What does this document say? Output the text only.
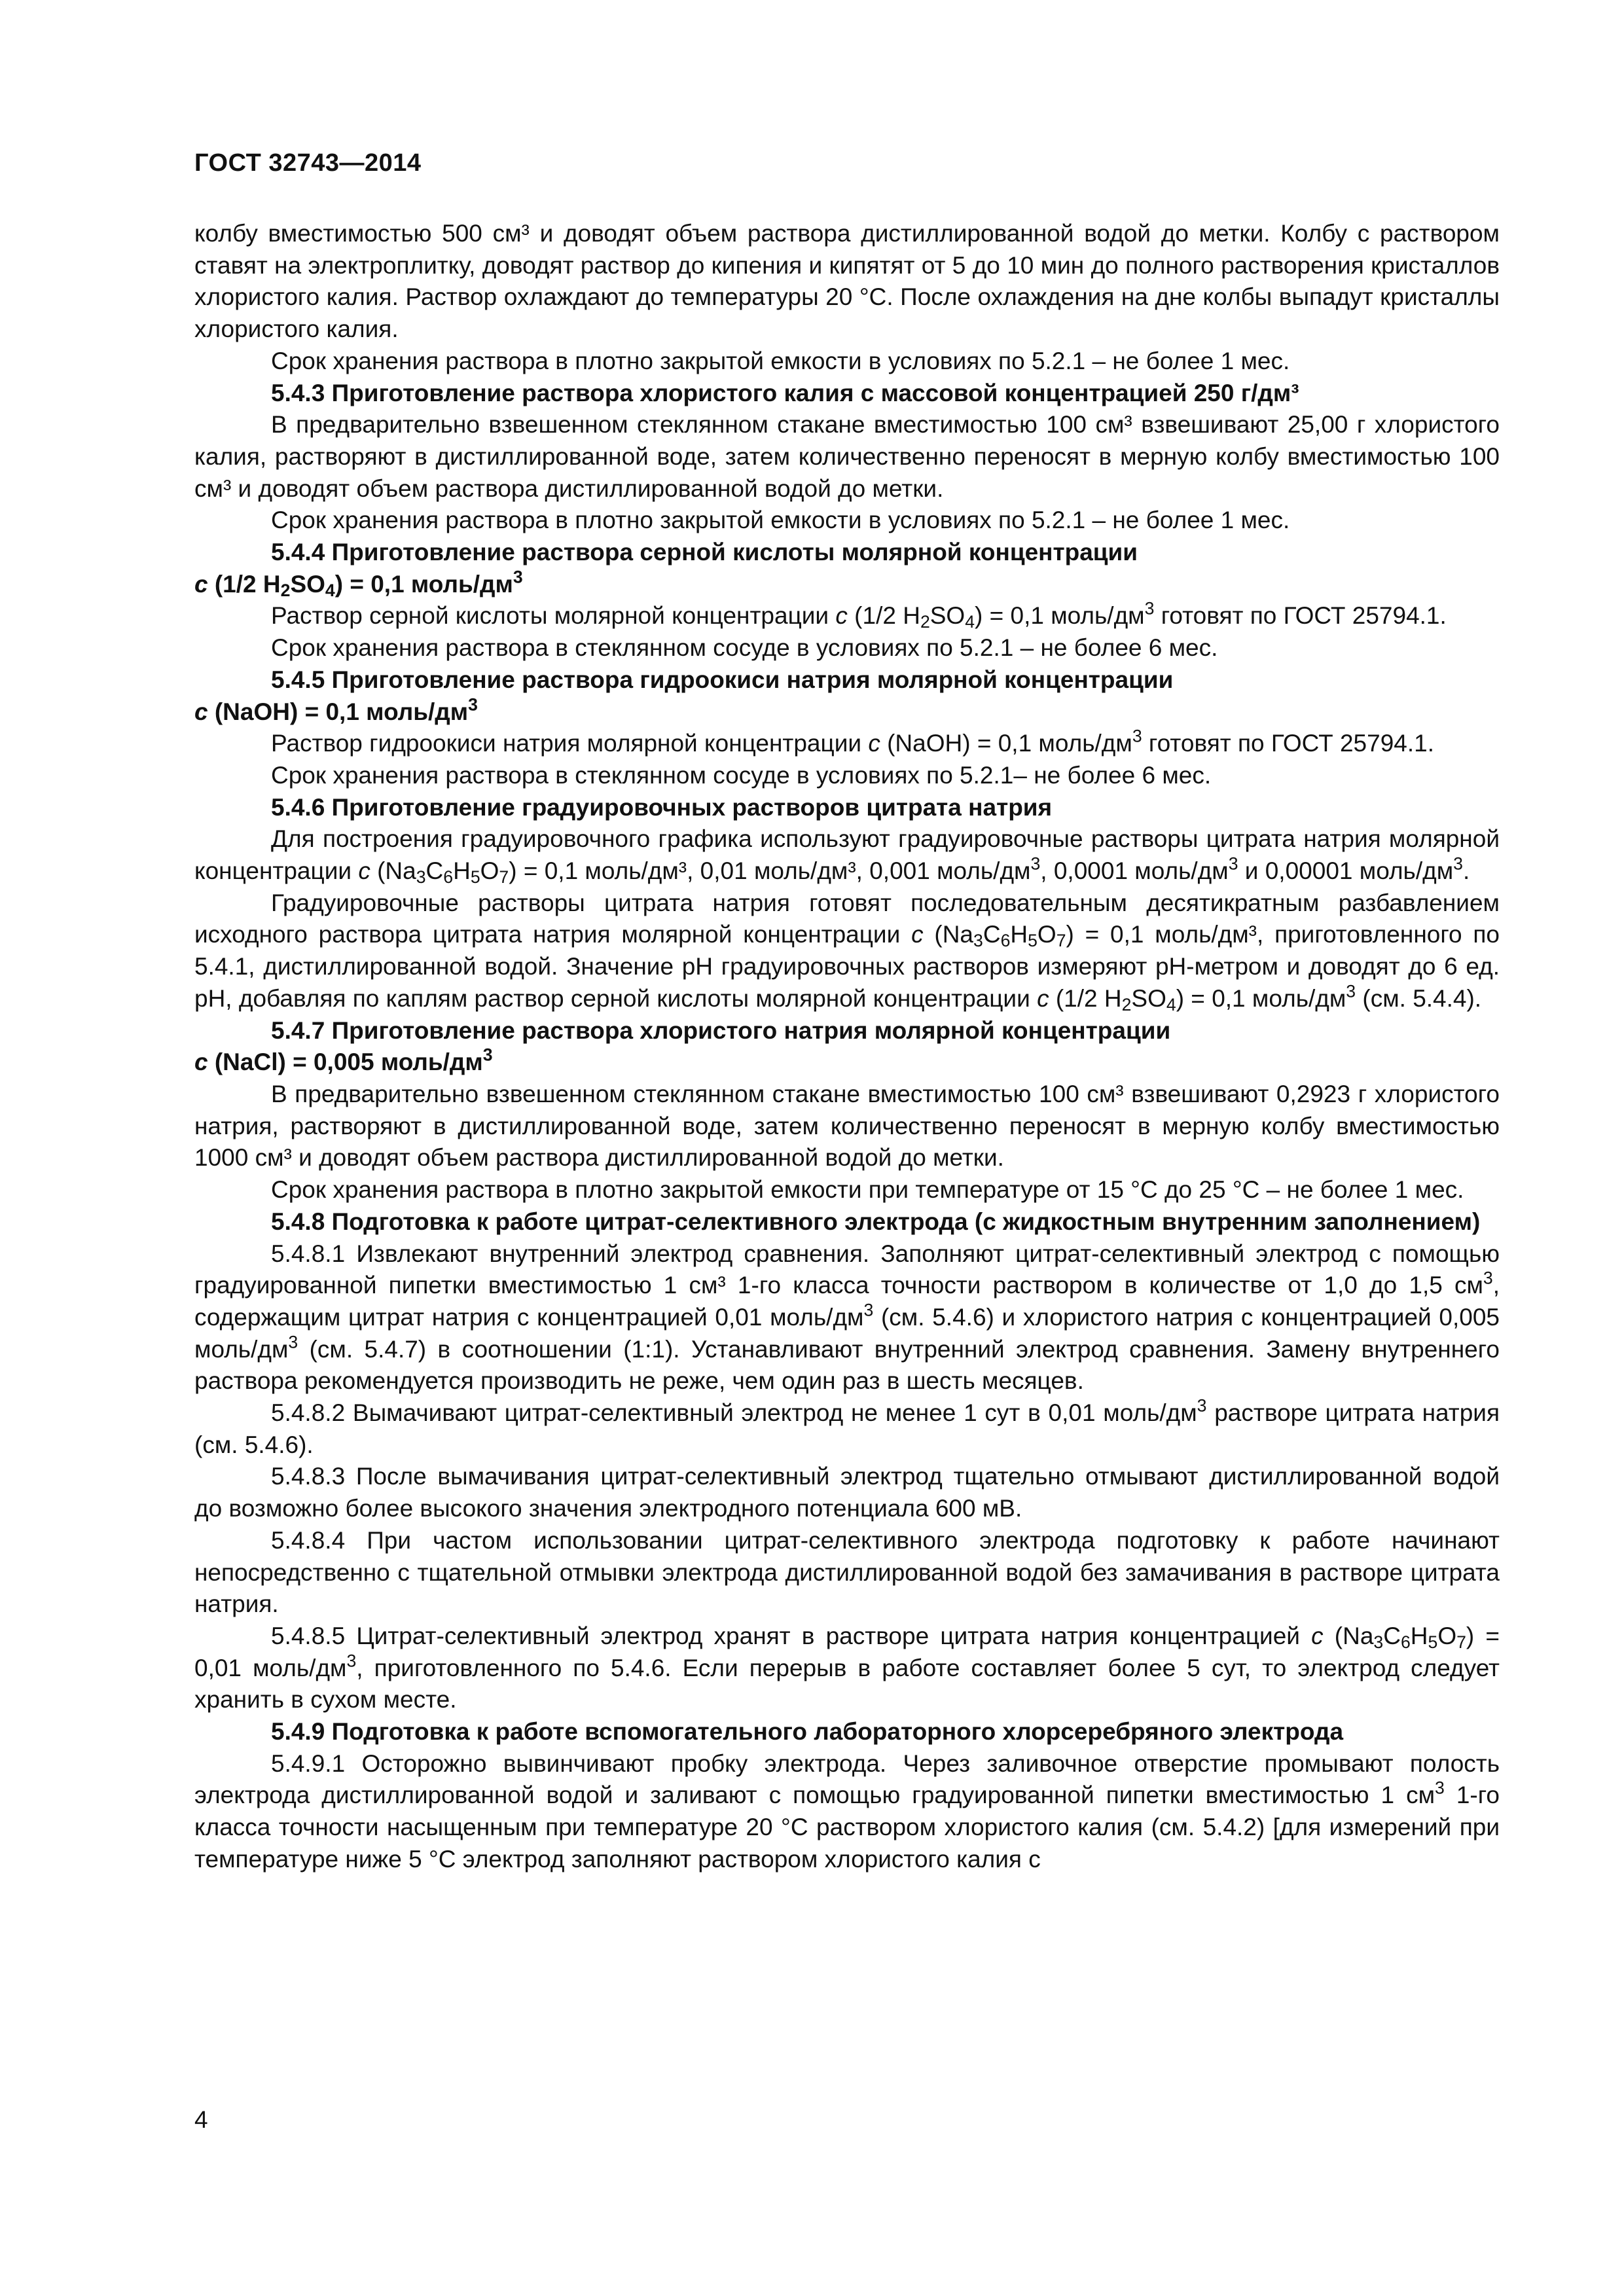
ГОСТ 32743—2014

колбу вместимостью 500 см³ и доводят объем раствора дистиллированной водой до метки. Колбу с раствором ставят на электроплитку, доводят раствор до кипения и кипятят от 5 до 10 мин до полного растворения кристаллов хлористого калия. Раствор охлаждают до температуры 20 °С. После охлаждения на дне колбы выпадут кристаллы хлористого калия.

Срок хранения раствора в плотно закрытой емкости в условиях по 5.2.1 – не более 1 мес.

5.4.3 Приготовление раствора хлористого калия с массовой концентрацией 250 г/дм³

В предварительно взвешенном стеклянном стакане вместимостью 100 см³ взвешивают 25,00 г хлористого калия, растворяют в дистиллированной воде, затем количественно переносят в мерную колбу вместимостью 100 см³ и доводят объем раствора дистиллированной водой до метки.

Срок хранения раствора в плотно закрытой емкости в условиях по 5.2.1 – не более 1 мес.

5.4.4 Приготовление раствора серной кислоты молярной концентрации
c (1/2 $H_2SO_4) = 0,1$ моль/$дм^3$

Раствор серной кислоты молярной концентрации с (1/2 $H_2SO_4) = 0,1$ моль/$дм^3$ готовят по ГОСТ 25794.1.

Срок хранения раствора в стеклянном сосуде в условиях по 5.2.1 – не более 6 мес.

5.4.5 Приготовление раствора гидроокиси натрия молярной концентрации
с (NaOH) = 0,1 моль/$дм^3$

Раствор гидроокиси натрия молярной концентрации с (NaOH) = 0,1 моль/$дм^3$ готовят по ГОСТ 25794.1.

Срок хранения раствора в стеклянном сосуде в условиях по 5.2.1– не более 6 мес.

5.4.6 Приготовление градуировочных растворов цитрата натрия

Для построения градуировочного графика используют градуировочные растворы цитрата натрия молярной концентрации с $(Na_3C_6H_5O_7) = 0,1$ моль/дм³, 0,01 моль/дм³, 0,001 моль/$дм^3$, 0,0001 моль/$дм^3$ и 0,00001 моль/$дм^3$.

Градуировочные растворы цитрата натрия готовят последовательным десятикратным разбавлением исходного раствора цитрата натрия молярной концентрации с $(Na_3C_6H_5O_7) = 0,1$ моль/дм³, приготовленного по 5.4.1, дистиллированной водой. Значение pH градуировочных растворов измеряют pH-метром и доводят до 6 ед. pH, добавляя по каплям раствор серной кислоты молярной концентрации с (1/2 $H_2SO_4) = 0,1$ моль/$дм^3$ (см. 5.4.4).

5.4.7 Приготовление раствора хлористого натрия молярной концентрации
с (NaCl) = 0,005 моль/$дм^3$

В предварительно взвешенном стеклянном стакане вместимостью 100 см³ взвешивают 0,2923 г хлористого натрия, растворяют в дистиллированной воде, затем количественно переносят в мерную колбу вместимостью 1000 см³ и доводят объем раствора дистиллированной водой до метки.

Срок хранения раствора в плотно закрытой емкости при температуре от 15 °С до 25 °С – не более 1 мес.

5.4.8 Подготовка к работе цитрат-селективного электрода (с жидкостным внутренним заполнением)

5.4.8.1 Извлекают внутренний электрод сравнения. Заполняют цитрат-селективный электрод с помощью градуированной пипетки вместимостью 1 см³ 1-го класса точности раствором в количестве от 1,0 до 1,5 $см^3$, содержащим цитрат натрия с концентрацией 0,01 моль/$дм^3$ (см. 5.4.6) и хлористого натрия с концентрацией 0,005 моль/$дм^3$ (см. 5.4.7) в соотношении (1:1). Устанавливают внутренний электрод сравнения. Замену внутреннего раствора рекомендуется производить не реже, чем один раз в шесть месяцев.

5.4.8.2 Вымачивают цитрат-селективный электрод не менее 1 сут в 0,01 моль/$дм^3$ растворе цитрата натрия (см. 5.4.6).

5.4.8.3 После вымачивания цитрат-селективный электрод тщательно отмывают дистиллированной водой до возможно более высокого значения электродного потенциала 600 мВ.

5.4.8.4 При частом использовании цитрат-селективного электрода подготовку к работе начинают непосредственно с тщательной отмывки электрода дистиллированной водой без замачивания в растворе цитрата натрия.

5.4.8.5 Цитрат-селективный электрод хранят в растворе цитрата натрия концентрацией с $(Na_3C_6H_5O_7) = 0,01$ моль/$дм^3$, приготовленного по 5.4.6. Если перерыв в работе составляет более 5 сут, то электрод следует хранить в сухом месте.

5.4.9 Подготовка к работе вспомогательного лабораторного хлорсеребряного электрода

5.4.9.1 Осторожно вывинчивают пробку электрода. Через заливочное отверстие промывают полость электрода дистиллированной водой и заливают с помощью градуированной пипетки вместимостью 1 $см^3$ 1-го класса точности насыщенным при температуре 20 °С раствором хлористого калия (см. 5.4.2) [для измерений при температуре ниже 5 °С электрод заполняют раствором хлористого калия с

4
